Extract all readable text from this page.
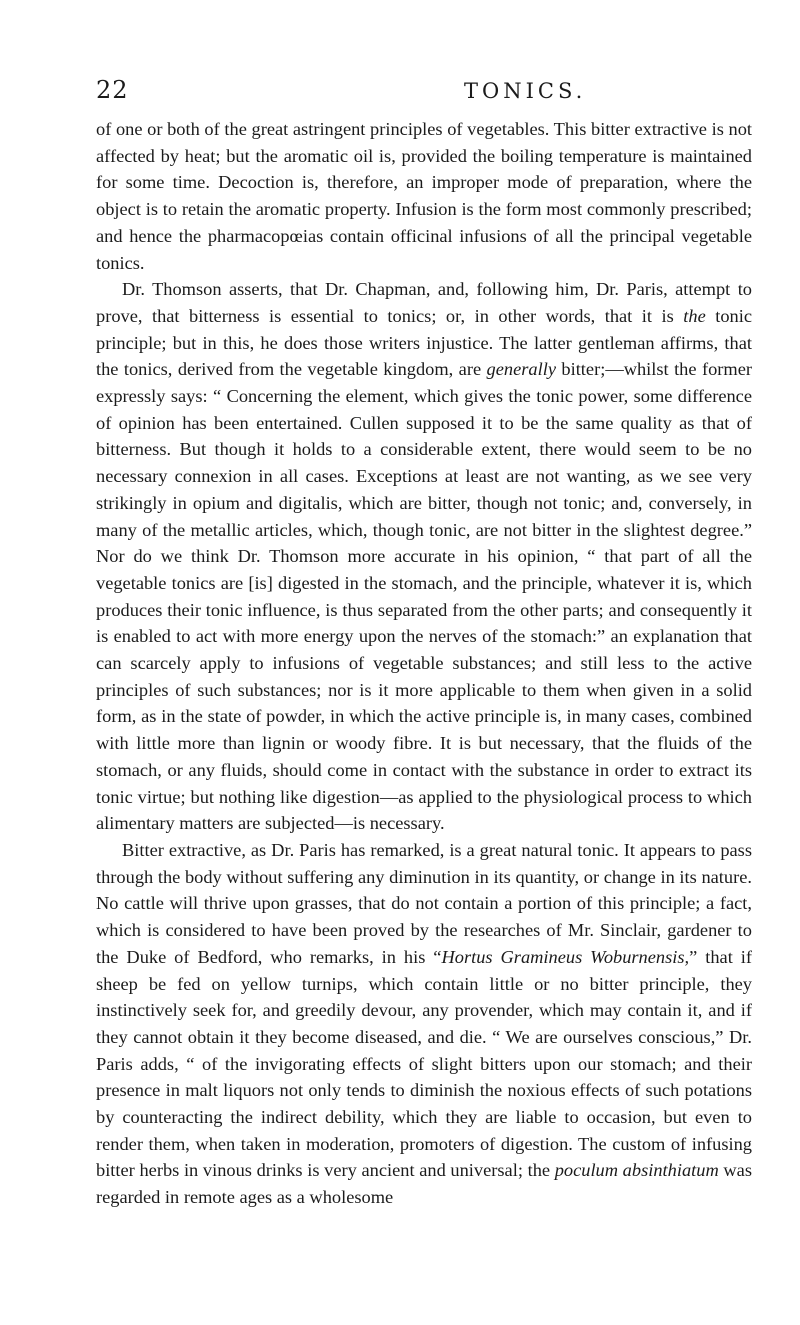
22	TONICS.

of one or both of the great astringent principles of vegetables. This bitter extractive is not affected by heat; but the aromatic oil is, provided the boiling temperature is maintained for some time. Decoction is, therefore, an improper mode of preparation, where the object is to retain the aromatic property. Infusion is the form most commonly prescribed; and hence the pharmacopœias contain officinal infusions of all the principal vegetable tonics.

Dr. Thomson asserts, that Dr. Chapman, and, following him, Dr. Paris, attempt to prove, that bitterness is essential to tonics; or, in other words, that it is the tonic principle; but in this, he does those writers injustice. The latter gentleman affirms, that the tonics, derived from the vegetable kingdom, are generally bitter;—whilst the former expressly says: “ Concerning the element, which gives the tonic power, some difference of opinion has been entertained. Cullen supposed it to be the same quality as that of bitterness. But though it holds to a considerable extent, there would seem to be no necessary connexion in all cases. Exceptions at least are not wanting, as we see very strikingly in opium and digitalis, which are bitter, though not tonic; and, conversely, in many of the metallic articles, which, though tonic, are not bitter in the slightest degree.” Nor do we think Dr. Thomson more accurate in his opinion, “ that part of all the vegetable tonics are [is] digested in the stomach, and the principle, whatever it is, which produces their tonic influence, is thus separated from the other parts; and consequently it is enabled to act with more energy upon the nerves of the stomach:” an explanation that can scarcely apply to infusions of vegetable substances; and still less to the active principles of such substances; nor is it more applicable to them when given in a solid form, as in the state of powder, in which the active principle is, in many cases, combined with little more than lignin or woody fibre. It is but necessary, that the fluids of the stomach, or any fluids, should come in contact with the substance in order to extract its tonic virtue; but nothing like digestion—as applied to the physiological process to which alimentary matters are subjected—is necessary.

Bitter extractive, as Dr. Paris has remarked, is a great natural tonic. It appears to pass through the body without suffering any diminution in its quantity, or change in its nature. No cattle will thrive upon grasses, that do not contain a portion of this principle; a fact, which is considered to have been proved by the researches of Mr. Sinclair, gardener to the Duke of Bedford, who remarks, in his “Hortus Gramineus Woburnensis,” that if sheep be fed on yellow turnips, which contain little or no bitter principle, they instinctively seek for, and greedily devour, any provender, which may contain it, and if they cannot obtain it they become diseased, and die. “ We are ourselves conscious,” Dr. Paris adds, “ of the invigorating effects of slight bitters upon our stomach; and their presence in malt liquors not only tends to diminish the noxious effects of such potations by counteracting the indirect debility, which they are liable to occasion, but even to render them, when taken in moderation, promoters of digestion. The custom of infusing bitter herbs in vinous drinks is very ancient and universal; the poculum absinthiatum was regarded in remote ages as a wholesome
